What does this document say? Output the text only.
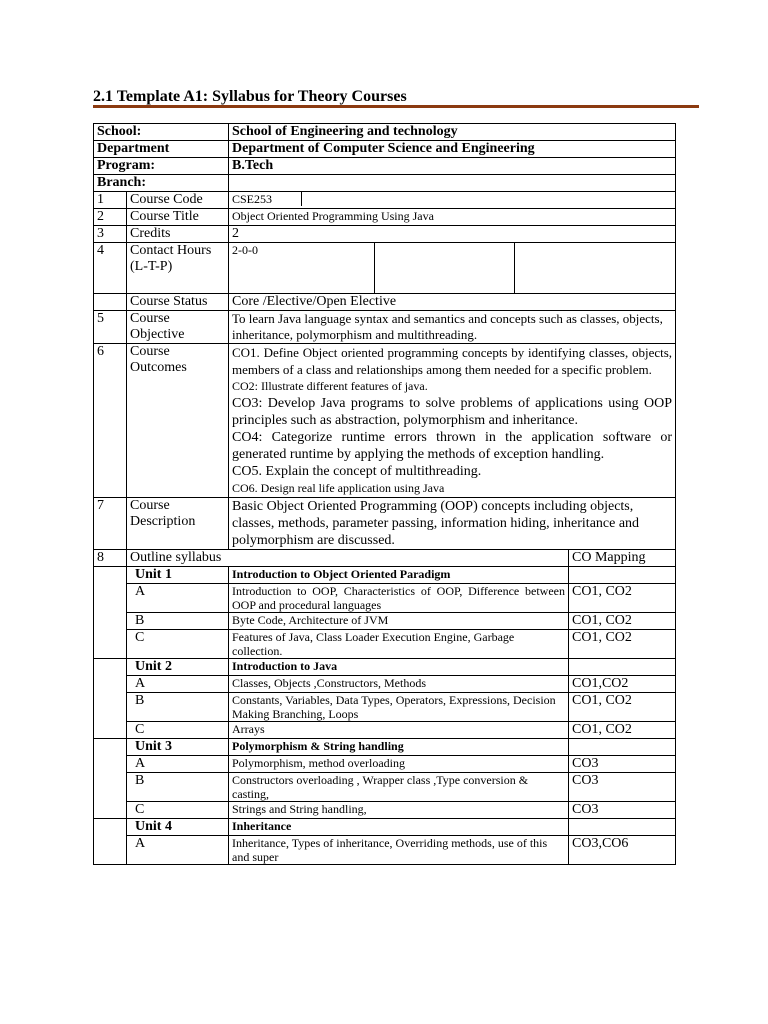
2.1 Template A1: Syllabus for Theory Courses
School:	School of Engineering and technology
Department	Department of Computer Science and Engineering
Program:	B.Tech
Branch:	
1	Course Code	CSE253	

2	Course Title	Object Oriented Programming Using Java
3	Credits	2
4	Contact Hours (L-T-P)	2-0-0		
	Course Status	Core /Elective/Open Elective
5	Course Objective	To learn Java language syntax and semantics and concepts such as classes, objects, inheritance, polymorphism and multithreading.
6	Course Outcomes	
CO1. Define Object oriented programming concepts by identifying classes, objects, members of a class and relationships among them needed for a specific problem.
CO2: Illustrate different features of java.
CO3: Develop Java programs to solve problems of applications using OOP principles such as abstraction, polymorphism and inheritance.
CO4: Categorize runtime errors thrown in the application software or generated runtime by applying the methods of exception handling.
CO5. Explain the concept of multithreading.
CO6. Design real life application using Java

7	Course Description	Basic Object Oriented Programming (OOP) concepts including objects, classes, methods, parameter passing, information hiding, inheritance and polymorphism are discussed.
8	Outline syllabus	CO Mapping
	Unit 1	Introduction to Object Oriented Paradigm	
A	Introduction to OOP, Characteristics of OOP, Difference between OOP and procedural languages	CO1, CO2
B	Byte Code, Architecture of JVM	CO1, CO2
C	Features of Java, Class Loader Execution Engine, Garbage collection.	CO1, CO2
	Unit 2	Introduction to Java	
A	Classes, Objects ,Constructors, Methods	CO1,CO2
B	Constants, Variables, Data Types, Operators, Expressions, Decision Making Branching, Loops	CO1, CO2
C	Arrays	CO1, CO2
	Unit 3	Polymorphism & String handling	
A	Polymorphism, method overloading	CO3
B	Constructors overloading , Wrapper class ,Type conversion & casting,	CO3
C	Strings and String handling,	CO3
	Unit 4	Inheritance	
A	Inheritance, Types of inheritance, Overriding methods, use of this and super	CO3,CO6
